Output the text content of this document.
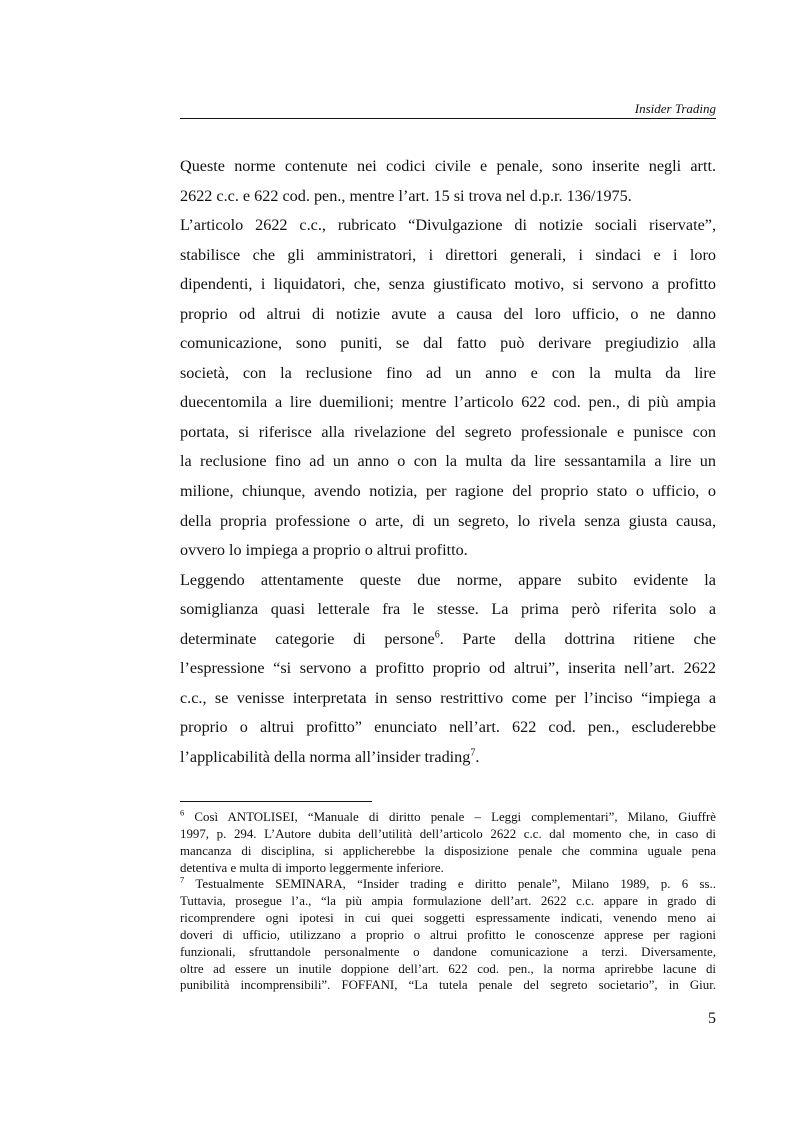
Insider Trading

Queste norme contenute nei codici civile e penale, sono inserite negli artt.
2622 c.c. e 622 cod. pen., mentre l’art. 15 si trova nel d.p.r. 136/1975.

L’articolo 2622 c.c., rubricato “Divulgazione di notizie sociali riservate”,
stabilisce che gli amministratori, i direttori generali, i sindaci e i loro
dipendenti, i liquidatori, che, senza giustificato motivo, si servono a profitto
proprio od altrui di notizie avute a causa del loro ufficio, o ne danno
comunicazione, sono puniti, se dal fatto può derivare pregiudizio alla
società, con la reclusione fino ad un anno e con la multa da lire
duecentomila a lire duemilioni; mentre l’articolo 622 cod. pen., di più ampia
portata, si riferisce alla rivelazione del segreto professionale e punisce con
la reclusione fino ad un anno o con la multa da lire sessantamila a lire un
milione, chiunque, avendo notizia, per ragione del proprio stato o ufficio, o
della propria professione o arte, di un segreto, lo rivela senza giusta causa,
ovvero lo impiega a proprio o altrui profitto.

Leggendo attentamente queste due norme, appare subito evidente la
somiglianza quasi letterale fra le stesse. La prima però riferita solo a
determinate categorie di persone$^6$. Parte della dottrina ritiene che
l’espressione “si servono a profitto proprio od altrui”, inserita nell’art. 2622
c.c., se venisse interpretata in senso restrittivo come per l’inciso “impiega a
proprio o altrui profitto” enunciato nell’art. 622 cod. pen., escluderebbe
l’applicabilità della norma all’insider trading$^7$.

$^6$ Così ANTOLISEI, “Manuale di diritto penale – Leggi complementari”, Milano, Giuffrè
1997, p. 294. L’Autore dubita dell’utilità dell’articolo 2622 c.c. dal momento che, in caso di
mancanza di disciplina, si applicherebbe la disposizione penale che commina uguale pena
detentiva e multa di importo leggermente inferiore.
$^7$ Testualmente SEMINARA, “Insider trading e diritto penale”, Milano 1989, p. 6 ss..
Tuttavia, prosegue l’a., “la più ampia formulazione dell’art. 2622 c.c. appare in grado di
ricomprendere ogni ipotesi in cui quei soggetti espressamente indicati, venendo meno ai
doveri di ufficio, utilizzano a proprio o altrui profitto le conoscenze apprese per ragioni
funzionali, sfruttandole personalmente o dandone comunicazione a terzi. Diversamente,
oltre ad essere un inutile doppione dell’art. 622 cod. pen., la norma aprirebbe lacune di
punibilità incomprensibili”. FOFFANI, “La tutela penale del segreto societario”, in Giur.
5
